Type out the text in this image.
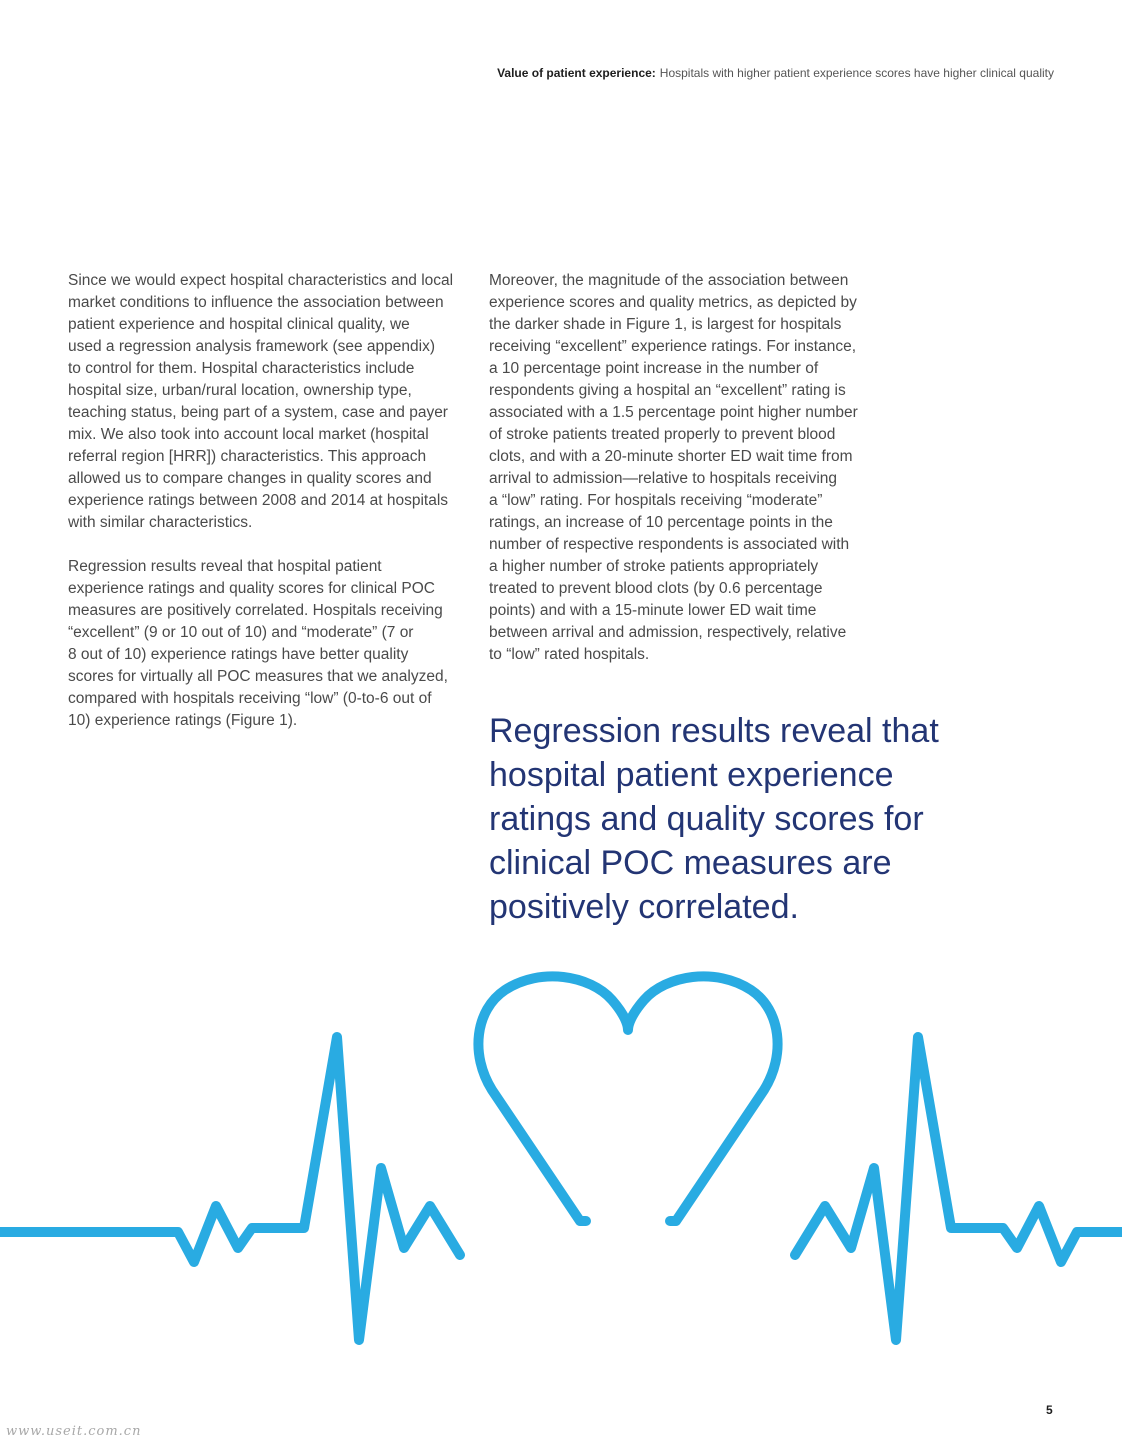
Value of patient experience: Hospitals with higher patient experience scores have higher clinical quality
Since we would expect hospital characteristics and local
market conditions to influence the association between
patient experience and hospital clinical quality, we
used a regression analysis framework (see appendix)
to control for them. Hospital characteristics include
hospital size, urban/rural location, ownership type,
teaching status, being part of a system, case and payer
mix. We also took into account local market (hospital
referral region [HRR]) characteristics. This approach
allowed us to compare changes in quality scores and
experience ratings between 2008 and 2014 at hospitals
with similar characteristics.
Regression results reveal that hospital patient
experience ratings and quality scores for clinical POC
measures are positively correlated. Hospitals receiving
“excellent” (9 or 10 out of 10) and “moderate” (7 or
8 out of 10) experience ratings have better quality
scores for virtually all POC measures that we analyzed,
compared with hospitals receiving “low” (0-to-6 out of
10) experience ratings (Figure 1).
Moreover, the magnitude of the association between
experience scores and quality metrics, as depicted by
the darker shade in Figure 1, is largest for hospitals
receiving “excellent” experience ratings. For instance,
a 10 percentage point increase in the number of
respondents giving a hospital an “excellent” rating is
associated with a 1.5 percentage point higher number
of stroke patients treated properly to prevent blood
clots, and with a 20-minute shorter ED wait time from
arrival to admission—relative to hospitals receiving
a “low” rating. For hospitals receiving “moderate”
ratings, an increase of 10 percentage points in the
number of respective respondents is associated with
a higher number of stroke patients appropriately
treated to prevent blood clots (by 0.6 percentage
points) and with a 15-minute lower ED wait time
between arrival and admission, respectively, relative
to “low” rated hospitals.
Regression results reveal that
hospital patient experience
ratings and quality scores for
clinical POC measures are
positively correlated.
5
www.useit.com.cn
